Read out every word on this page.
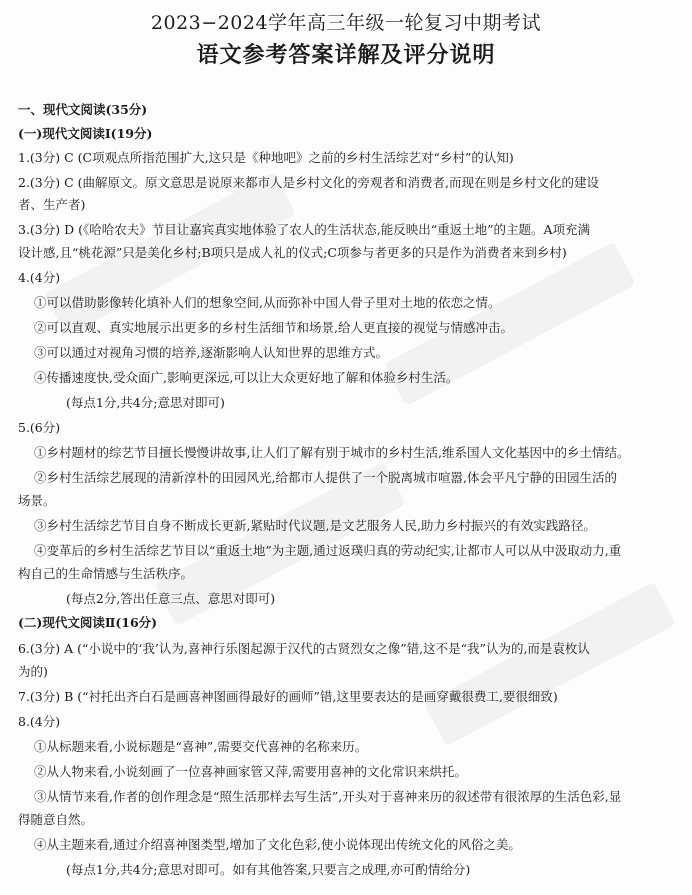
2023−2024学年高三年级一轮复习中期考试
语文参考答案详解及评分说明
一、现代文阅读(35分)
(一)现代文阅读Ⅰ(19分)
1.(3分) C (C项观点所指范围扩大,这只是《种地吧》之前的乡村生活综艺对“乡村”的认知)
2.(3分) C (曲解原文。原文意思是说原来都市人是乡村文化的旁观者和消费者,而现在则是乡村文化的建设
者、生产者)
3.(3分) D (《哈哈农夫》节目让嘉宾真实地体验了农人的生活状态,能反映出“重返土地”的主题。A项充满
设计感,且“桃花源”只是美化乡村;B项只是成人礼的仪式;C项参与者更多的只是作为消费者来到乡村)
4.(4分)
①可以借助影像转化填补人们的想象空间,从而弥补中国人骨子里对土地的依恋之情。
②可以直观、真实地展示出更多的乡村生活细节和场景,给人更直接的视觉与情感冲击。
③可以通过对视角习惯的培养,逐渐影响人认知世界的思维方式。
④传播速度快,受众面广,影响更深远,可以让大众更好地了解和体验乡村生活。
(每点1分,共4分;意思对即可)
5.(6分)
①乡村题材的综艺节目擅长慢慢讲故事,让人们了解有别于城市的乡村生活,维系国人文化基因中的乡土情结。
②乡村生活综艺展现的清新淳朴的田园风光,给都市人提供了一个脱离城市喧嚣,体会平凡宁静的田园生活的
场景。
③乡村生活综艺节目自身不断成长更新,紧贴时代议题,是文艺服务人民,助力乡村振兴的有效实践路径。
④变革后的乡村生活综艺节目以“重返土地”为主题,通过返璞归真的劳动纪实,让都市人可以从中汲取动力,重
构自己的生命情感与生活秩序。
(每点2分,答出任意三点、意思对即可)
(二)现代文阅读Ⅱ(16分)
6.(3分) A (“小说中的‘我’认为,喜神行乐图起源于汉代的古贤烈女之像”错,这不是“我”认为的,而是袁枚认
为的)
7.(3分) B (“衬托出齐白石是画喜神图画得最好的画师”错,这里要表达的是画穿戴很费工,要很细致)
8.(4分)
①从标题来看,小说标题是“喜神”,需要交代喜神的名称来历。
②从人物来看,小说刻画了一位喜神画家管又萍,需要用喜神的文化常识来烘托。
③从情节来看,作者的创作理念是“照生活那样去写生活”,开头对于喜神来历的叙述带有很浓厚的生活色彩,显
得随意自然。
④从主题来看,通过介绍喜神图类型,增加了文化色彩,使小说体现出传统文化的风俗之美。
(每点1分,共4分;意思对即可。如有其他答案,只要言之成理,亦可酌情给分)
